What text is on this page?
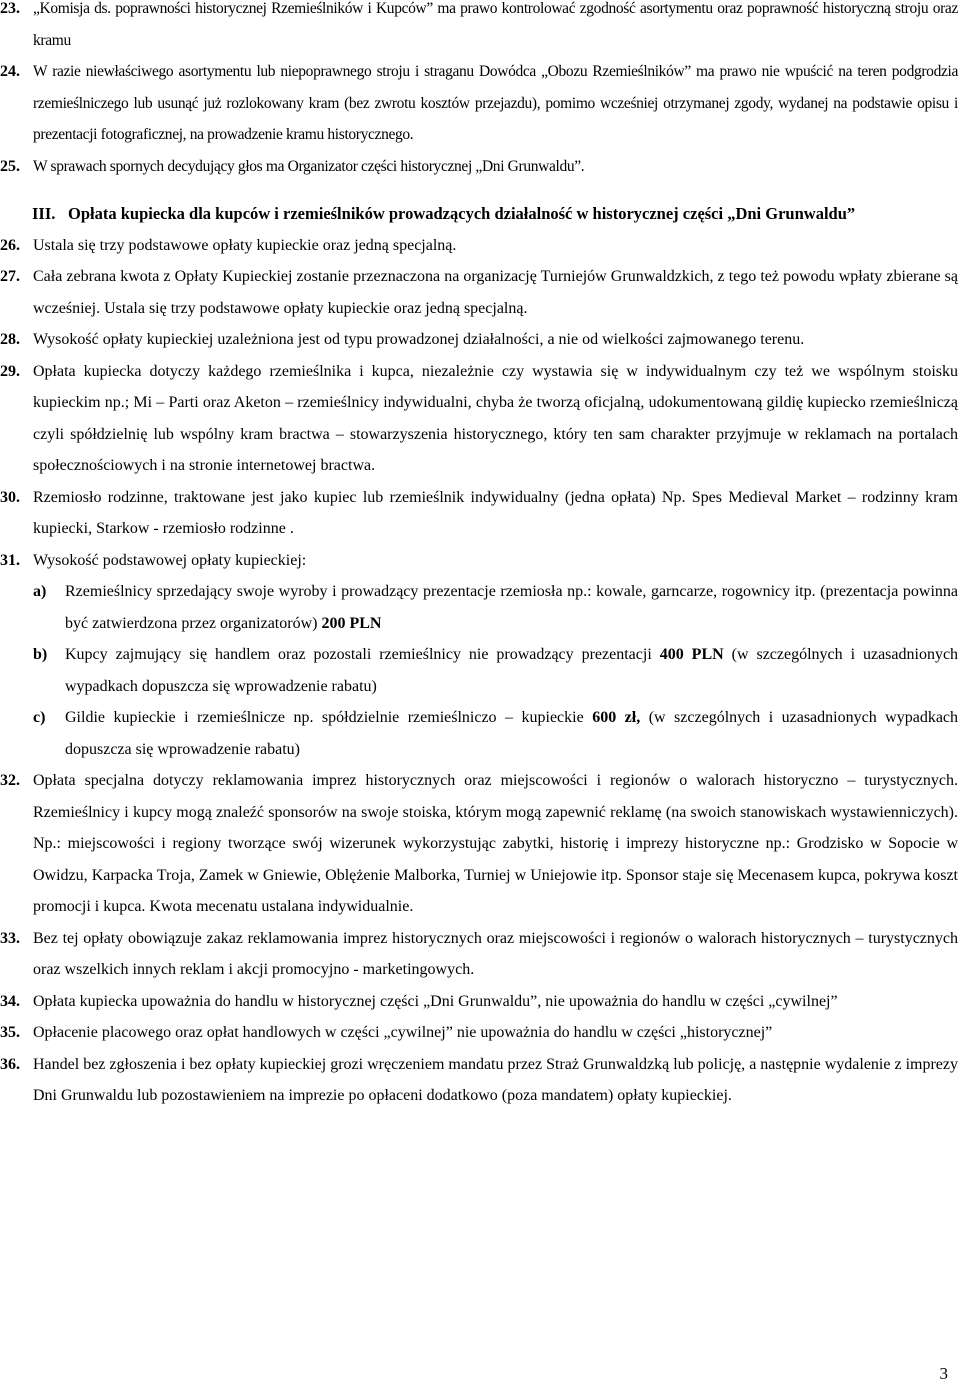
23. „Komisja ds. poprawności historycznej Rzemieślników i Kupców” ma prawo kontrolować zgodność asortymentu oraz poprawność historyczną stroju oraz kramu
24. W razie niewłaściwego asortymentu lub niepoprawnego stroju i straganu Dowódca „Obozu Rzemieślników” ma prawo nie wpuścić na teren podgrodzia rzemieślniczego lub usunąć już rozlokowany kram (bez zwrotu kosztów przejazdu), pomimo wcześniej otrzymanej zgody, wydanej na podstawie opisu i prezentacji fotograficznej, na prowadzenie kramu historycznego.
25. W sprawach spornych decydujący głos ma Organizator części historycznej „Dni Grunwaldu”.
III. Opłata kupiecka dla kupców i rzemieślników prowadzących działalność w historycznej części „Dni Grunwaldu”
26. Ustala się trzy podstawowe opłaty kupieckie oraz jedną specjalną.
27. Cała zebrana kwota z Opłaty Kupieckiej zostanie przeznaczona na organizację Turniejów Grunwaldzkich, z tego też powodu wpłaty zbierane są wcześniej. Ustala się trzy podstawowe opłaty kupieckie oraz jedną specjalną.
28. Wysokość opłaty kupieckiej uzależniona jest od typu prowadzonej działalności, a nie od wielkości zajmowanego terenu.
29. Opłata kupiecka dotyczy każdego rzemieślnika i kupca, niezależnie czy wystawia się w indywidualnym czy też we wspólnym stoisku kupieckim np.; Mi – Parti oraz Aketon – rzemieślnicy indywidualni, chyba że tworzą oficjalną, udokumentowaną gildię kupiecko rzemieślniczą czyli spółdzielnię lub wspólny kram bractwa – stowarzyszenia historycznego, który ten sam charakter przyjmuje w reklamach na portalach społecznościowych i na stronie internetowej bractwa.
30. Rzemiosło rodzinne, traktowane jest jako kupiec lub rzemieślnik indywidualny (jedna opłata) Np. Spes Medieval Market – rodzinny kram kupiecki, Starkow - rzemiosło rodzinne .
31. Wysokość podstawowej opłaty kupieckiej:
a)	Rzemieślnicy sprzedający swoje wyroby i prowadzący prezentacje rzemiosła np.: kowale, garncarze, rogownicy itp. (prezentacja powinna być zatwierdzona przez organizatorów) 200 PLN
b)	Kupcy zajmujący się handlem oraz pozostali rzemieślnicy nie prowadzący prezentacji 400 PLN (w szczególnych i uzasadnionych wypadkach dopuszcza się wprowadzenie rabatu)
c)	Gildie kupieckie i rzemieślnicze np. spółdzielnie rzemieślniczo – kupieckie 600 zł, (w szczególnych i uzasadnionych wypadkach dopuszcza się wprowadzenie rabatu)
32. Opłata specjalna dotyczy reklamowania imprez historycznych oraz miejscowości i regionów o walorach historyczno – turystycznych. Rzemieślnicy i kupcy mogą znaleźć sponsorów na swoje stoiska, którym mogą zapewnić reklamę (na swoich stanowiskach wystawienniczych). Np.: miejscowości i regiony tworzące swój wizerunek wykorzystując zabytki, historię i imprezy historyczne np.: Grodzisko w Sopocie w Owidzu, Karpacka Troja, Zamek w Gniewie, Oblężenie Malborka, Turniej w Uniejowie itp. Sponsor staje się Mecenasem kupca, pokrywa koszt promocji i kupca. Kwota mecenatu ustalana indywidualnie.
33. Bez tej opłaty obowiązuje zakaz reklamowania imprez historycznych oraz miejscowości i regionów o walorach historycznych – turystycznych oraz wszelkich innych reklam i akcji promocyjno - marketingowych.
34. Opłata kupiecka upoważnia do handlu w historycznej części „Dni Grunwaldu”, nie upoważnia do handlu w części „cywilnej”
35. Opłacenie placowego oraz opłat handlowych w części „cywilnej” nie upoważnia do handlu w części „historycznej”
36. Handel bez zgłoszenia i bez opłaty kupieckiej grozi wręczeniem mandatu przez Straż Grunwaldzką lub policję, a następnie wydalenie z imprezy Dni Grunwaldu lub pozostawieniem na imprezie po opłaceni dodatkowo (poza mandatem) opłaty kupieckiej.
3
